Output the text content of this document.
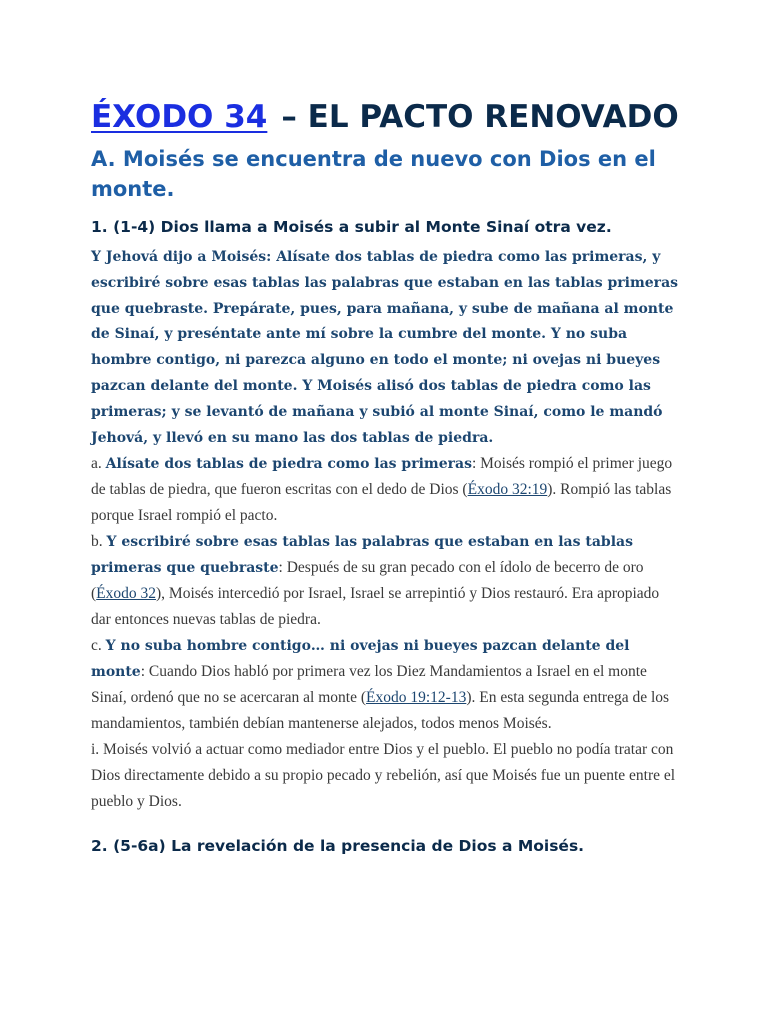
ÉXODO 34 – EL PACTO RENOVADO
A. Moisés se encuentra de nuevo con Dios en el monte.
1. (1-4) Dios llama a Moisés a subir al Monte Sinaí otra vez.

Y Jehová dijo a Moisés: Alísate dos tablas de piedra como las primeras, y escribiré sobre esas tablas las palabras que estaban en las tablas primeras que quebraste. Prepárate, pues, para mañana, y sube de mañana al monte de Sinaí, y preséntate ante mí sobre la cumbre del monte. Y no suba hombre contigo, ni parezca alguno en todo el monte; ni ovejas ni bueyes pazcan delante del monte. Y Moisés alisó dos tablas de piedra como las primeras; y se levantó de mañana y subió al monte Sinaí, como le mandó Jehová, y llevó en su mano las dos tablas de piedra.

a. Alísate dos tablas de piedra como las primeras: Moisés rompió el primer juego de tablas de piedra, que fueron escritas con el dedo de Dios (Éxodo 32:19). Rompió las tablas porque Israel rompió el pacto.

b. Y escribiré sobre esas tablas las palabras que estaban en las tablas primeras que quebraste: Después de su gran pecado con el ídolo de becerro de oro (Éxodo 32), Moisés intercedió por Israel, Israel se arrepintió y Dios restauró. Era apropiado dar entonces nuevas tablas de piedra.

c. Y no suba hombre contigo… ni ovejas ni bueyes pazcan delante del monte: Cuando Dios habló por primera vez los Diez Mandamientos a Israel en el monte Sinaí, ordenó que no se acercaran al monte (Éxodo 19:12-13). En esta segunda entrega de los mandamientos, también debían mantenerse alejados, todos menos Moisés.

i. Moisés volvió a actuar como mediador entre Dios y el pueblo. El pueblo no podía tratar con Dios directamente debido a su propio pecado y rebelión, así que Moisés fue un puente entre el pueblo y Dios.

2. (5-6a) La revelación de la presencia de Dios a Moisés.
